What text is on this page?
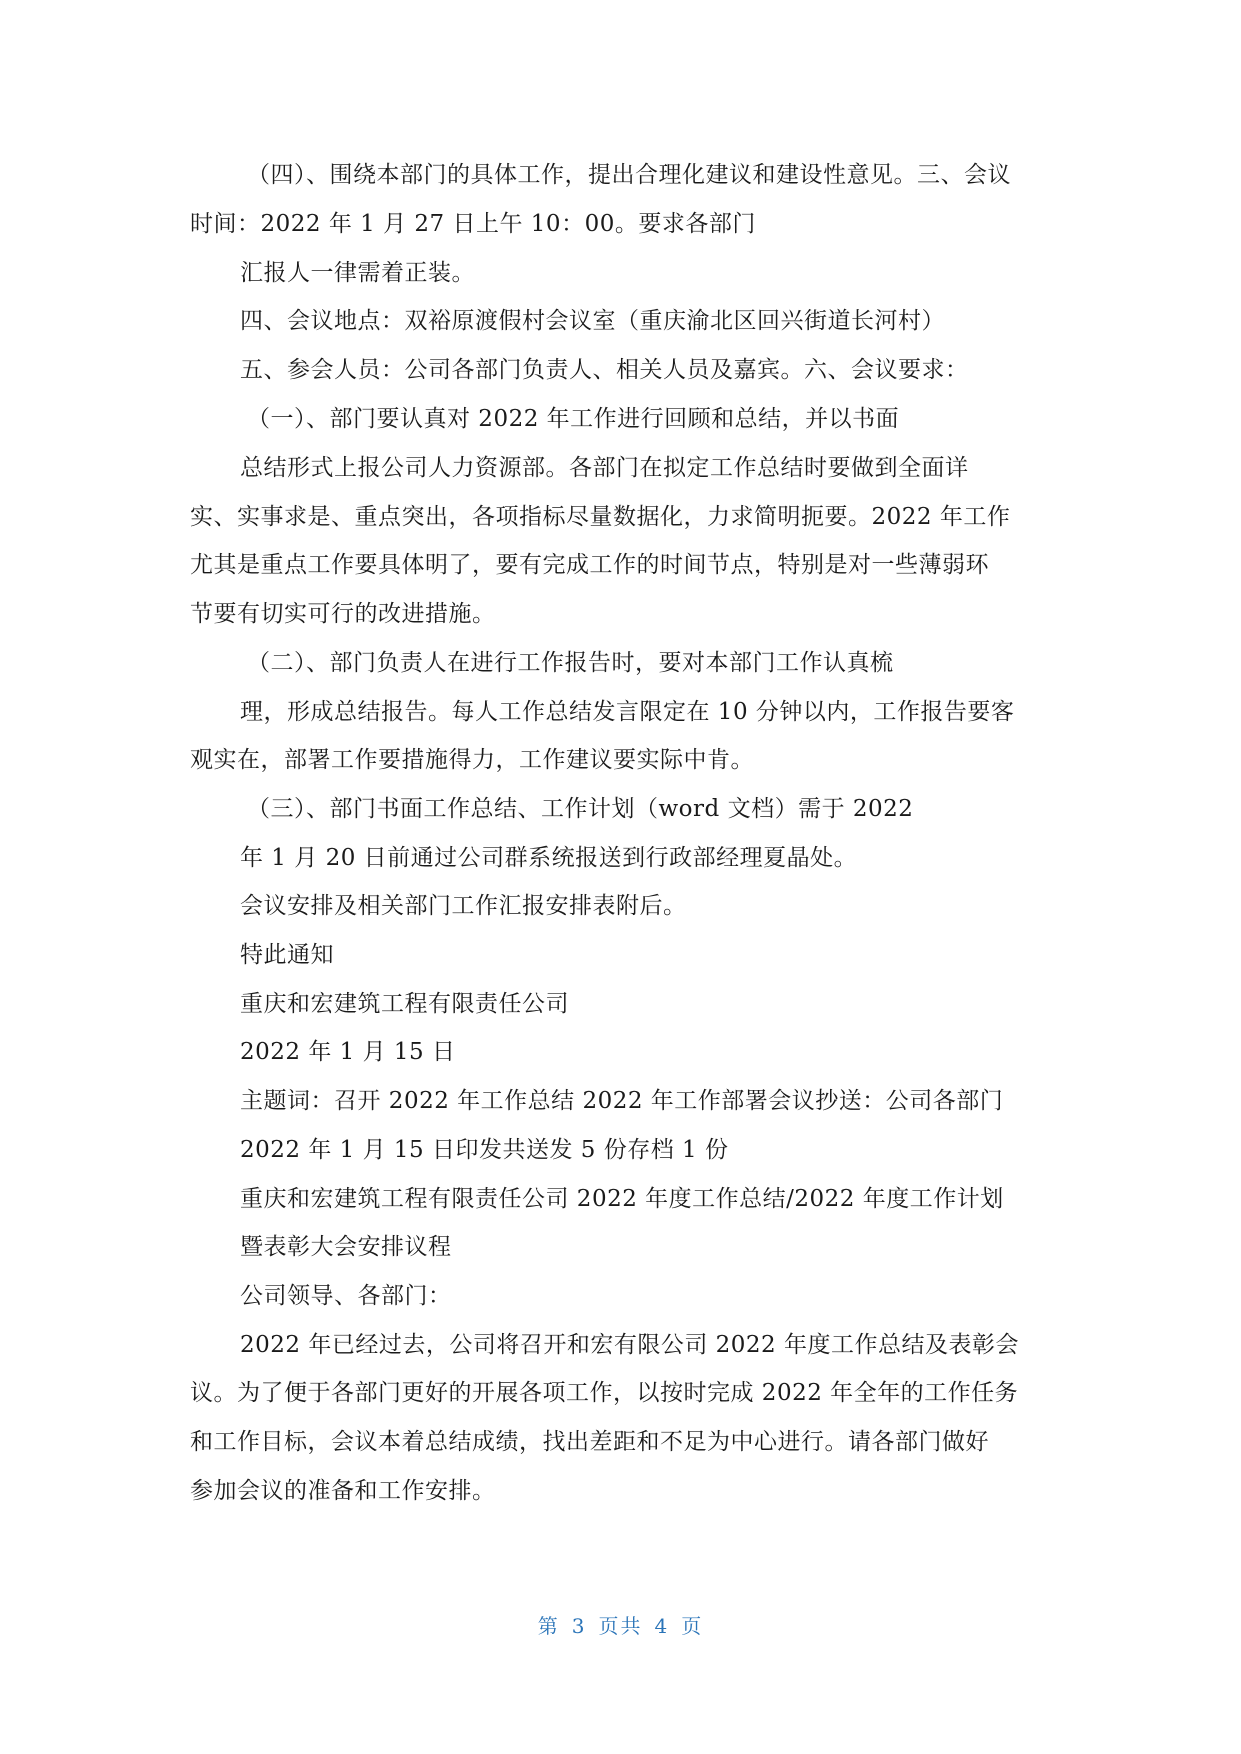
（四）、围绕本部门的具体工作，提出合理化建议和建设性意见。三、会议
时间：2022 年 1 月 27 日上午 10：00。要求各部门
汇报人一律需着正装。
四、会议地点：双裕原渡假村会议室（重庆渝北区回兴街道长河村）
五、参会人员：公司各部门负责人、相关人员及嘉宾。六、会议要求：
（一）、部门要认真对 2022 年工作进行回顾和总结，并以书面
总结形式上报公司人力资源部。各部门在拟定工作总结时要做到全面详
实、实事求是、重点突出，各项指标尽量数据化，力求简明扼要。2022 年工作
尤其是重点工作要具体明了，要有完成工作的时间节点，特别是对一些薄弱环
节要有切实可行的改进措施。
（二）、部门负责人在进行工作报告时，要对本部门工作认真梳
理，形成总结报告。每人工作总结发言限定在 10 分钟以内，工作报告要客
观实在，部署工作要措施得力，工作建议要实际中肯。
（三）、部门书面工作总结、工作计划（word 文档）需于 2022
年 1 月 20 日前通过公司群系统报送到行政部经理夏晶处。
会议安排及相关部门工作汇报安排表附后。
特此通知
重庆和宏建筑工程有限责任公司
2022 年 1 月 15 日
主题词：召开 2022 年工作总结 2022 年工作部署会议抄送：公司各部门
2022 年 1 月 15 日印发共送发 5 份存档 1 份
重庆和宏建筑工程有限责任公司 2022 年度工作总结/2022 年度工作计划
暨表彰大会安排议程
公司领导、各部门：
2022 年已经过去，公司将召开和宏有限公司 2022 年度工作总结及表彰会
议。为了便于各部门更好的开展各项工作，以按时完成 2022 年全年的工作任务
和工作目标，会议本着总结成绩，找出差距和不足为中心进行。请各部门做好
参加会议的准备和工作安排。
第 3 页共 4 页
